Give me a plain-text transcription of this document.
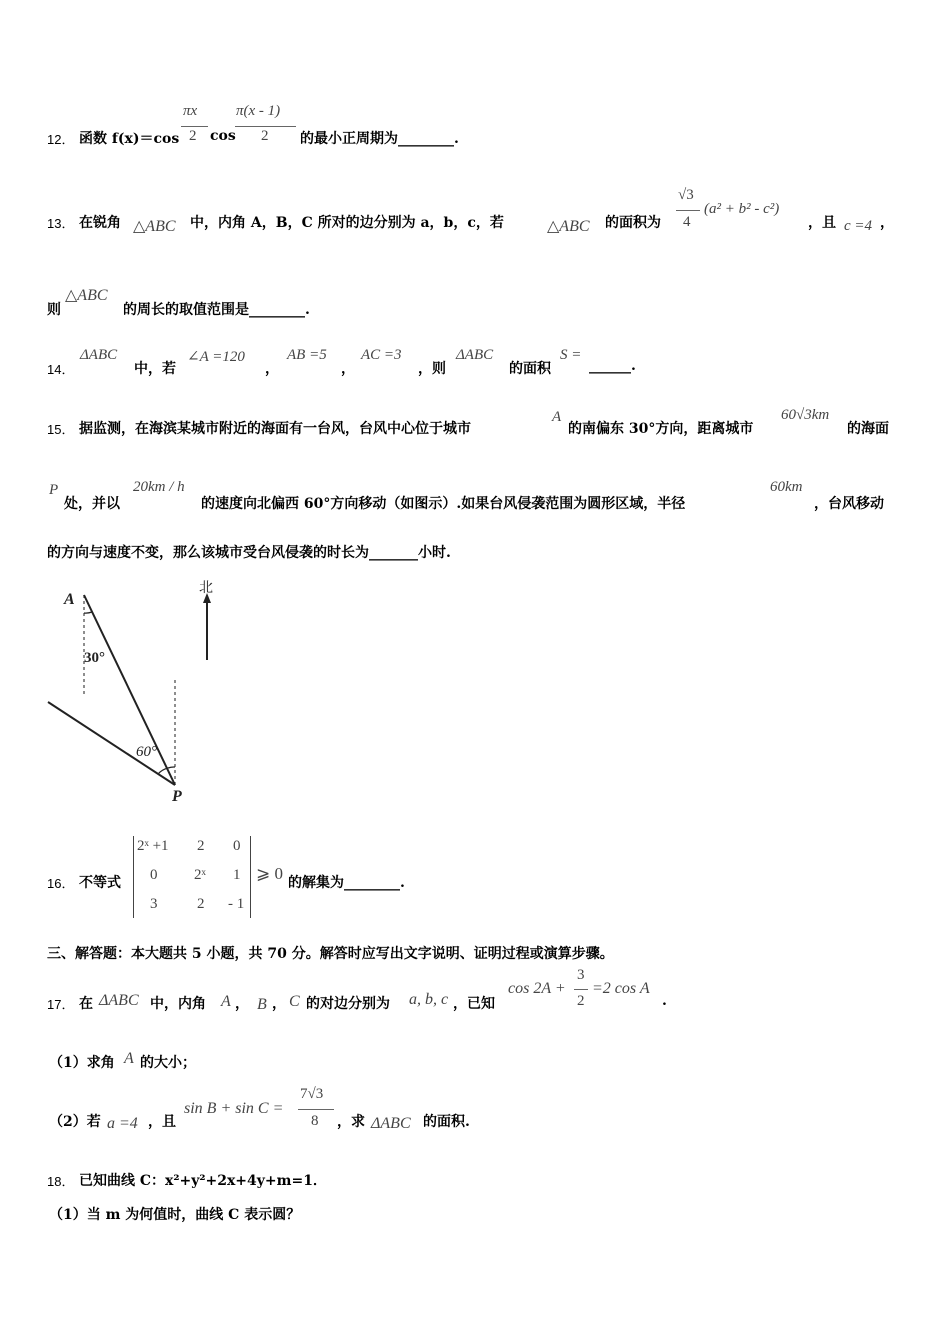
12． 函数 f(x)＝cos
πx
2 cos
π(x - 1)
2 的最小正周期为________.
13． 在锐角 △ABC 中，内角 A，B，C 所对的边分别为 a，b，c，若	△ABC 的面积为
√3
4
(a² + b² - c²)
，且 c =4 ，
则
△ABC
的周长的取值范围是________.
14．
ΔABC
中，若
∠A =120
，
AB =5
，
AC =3
，则
ΔABC
的面积
S =
______.
15． 据监测，在海滨某城市附近的海面有一台风，台风中心位于城市
A
的南偏东 30°方向，距离城市
60√3km
的海面
P
处，并以
20km / h
的速度向北偏西 60°方向移动（如图示）.如果台风侵袭范围为圆形区域，半径
60km
，台风移动
的方向与速度不变，那么该城市受台风侵袭的时长为_______小时.
A
P
30°
60°
北
16． 不等式
2ˣ +1 2 0
0 2ˣ 1
3	2 - 1
⩾ 0 的解集为________.
三、解答题：本大题共 5 小题，共 70 分。解答时应写出文字说明、证明过程或演算步骤。
17． 在 ΔABC 中，内角 A ， B ， C 的对边分别为 a, b, c ，已知
cos 2A +
3
2
=2 cos A
.
（1）求角 A 的大小；
（2）若 a =4 ，且
sin B + sin C =
7√3
8 ，求 ΔABC 的面积.
18． 已知曲线 C：x²+y²+2x+4y+m=1．
（1）当 m 为何值时，曲线 C 表示圆？
